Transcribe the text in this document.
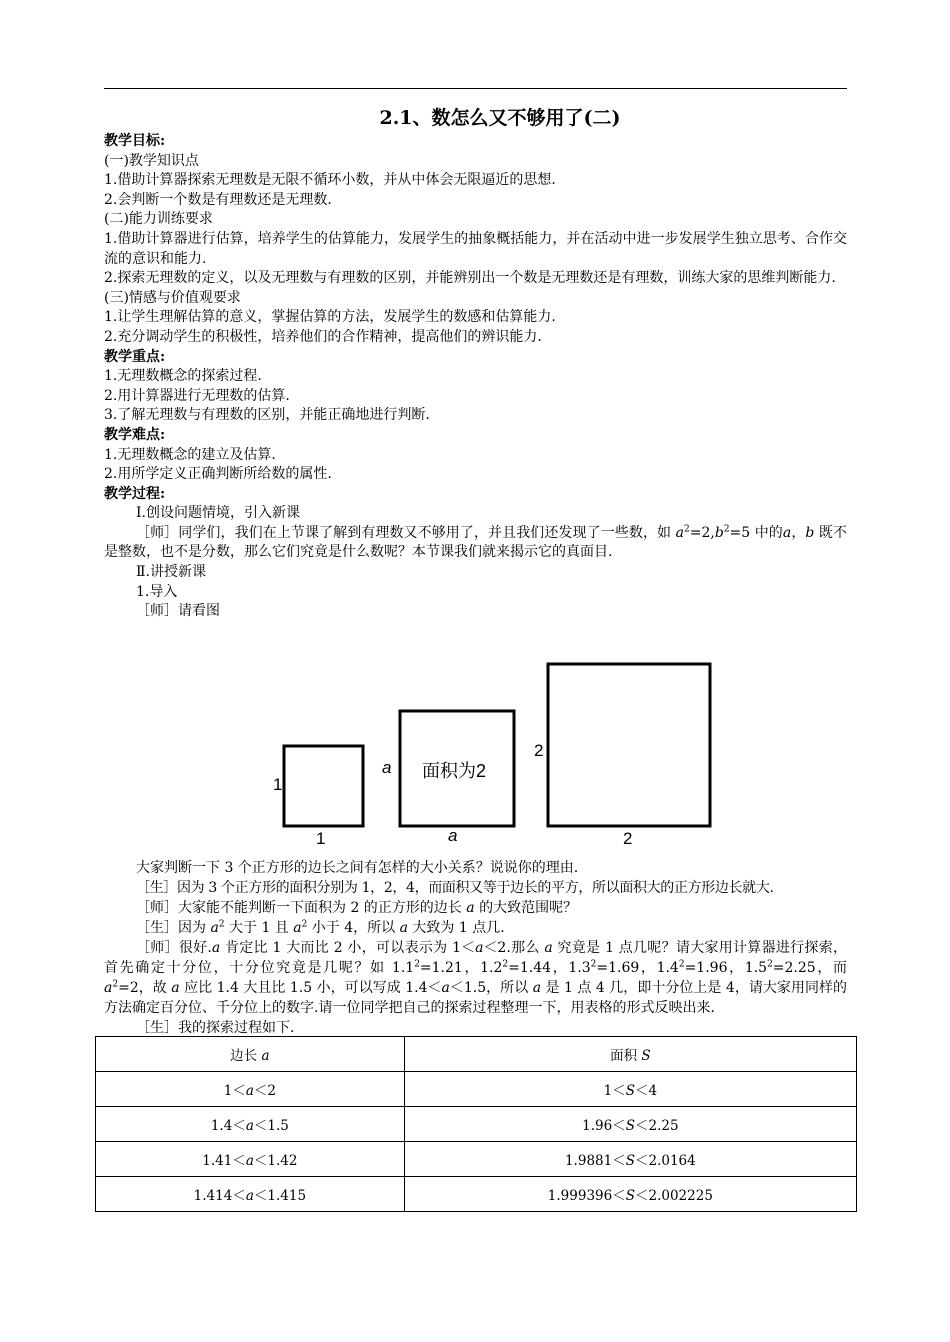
2.1、数怎么又不够用了(二)
教学目标:
(一)教学知识点
1.借助计算器探索无理数是无限不循环小数，并从中体会无限逼近的思想.
2.会判断一个数是有理数还是无理数.
(二)能力训练要求
1.借助计算器进行估算，培养学生的估算能力，发展学生的抽象概括能力，并在活动中进一步发展学生独立思考、合作交流的意识和能力.
2.探索无理数的定义，以及无理数与有理数的区别，并能辨别出一个数是无理数还是有理数，训练大家的思维判断能力.
(三)情感与价值观要求
1.让学生理解估算的意义，掌握估算的方法，发展学生的数感和估算能力.
2.充分调动学生的积极性，培养他们的合作精神，提高他们的辨识能力.
教学重点:
1.无理数概念的探索过程.
2.用计算器进行无理数的估算.
3.了解无理数与有理数的区别，并能正确地进行判断.
教学难点:
1.无理数概念的建立及估算.
2.用所学定义正确判断所给数的属性.
教学过程:
Ⅰ.创设问题情境，引入新课
［师］同学们，我们在上节课了解到有理数又不够用了，并且我们还发现了一些数，如 $a^2=2,b^2=5$ 中的a，b 既不是整数，也不是分数，那么它们究竟是什么数呢？本节课我们就来揭示它的真面目.
Ⅱ.讲授新课
1.导入
［师］请看图
1
1
a
a
面积为2
2
2
大家判断一下 3 个正方形的边长之间有怎样的大小关系？说说你的理由.
［生］因为 3 个正方形的面积分别为 1，2，4，而面积又等于边长的平方，所以面积大的正方形边长就大.
［师］大家能不能判断一下面积为 2 的正方形的边长 a 的大致范围呢？
［生］因为 $a^2$ 大于 1 且 $a^2$ 小于 4，所以 a 大致为 1 点几.
［师］很好.a 肯定比 1 大而比 2 小，可以表示为 1＜a＜2.那么 a 究竟是 1 点几呢？请大家用计算器进行探索，首先确定十分位，十分位究竟是几呢？如 $1.1^2=1.21$，$1.2^2=1.44$，$1.3^2=1.69$，$1.4^2=1.96$，$1.5^2=2.25$，而 $a^2=2$，故 a 应比 1.4 大且比 1.5 小，可以写成 1.4＜a＜1.5，所以 a 是 1 点 4 几，即十分位上是 4，请大家用同样的方法确定百分位、千分位上的数字.请一位同学把自己的探索过程整理一下，用表格的形式反映出来.
［生］我的探索过程如下.
边长 a	面积 S
1＜a＜2	1＜S＜4
1.4＜a＜1.5	1.96＜S＜2.25
1.41＜a＜1.42	1.9881＜S＜2.0164
1.414＜a＜1.415	1.999396＜S＜2.002225
